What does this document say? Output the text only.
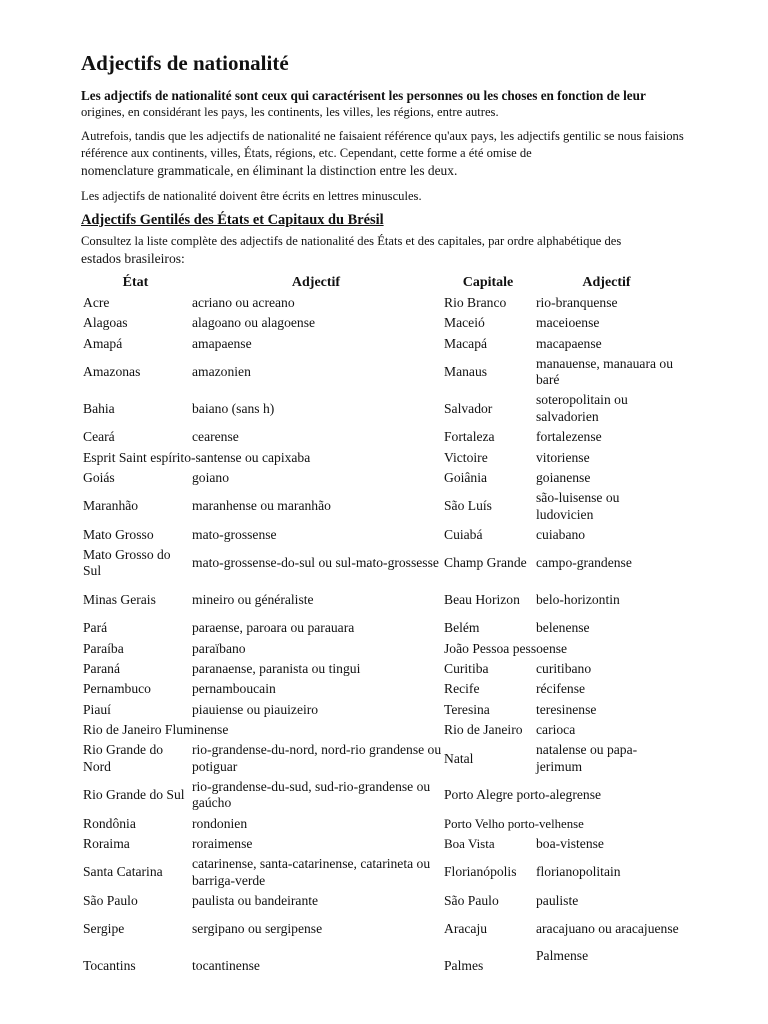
Adjectifs de nationalité
Les adjectifs de nationalité sont ceux qui caractérisent les personnes ou les choses en fonction de leur
origines, en considérant les pays, les continents, les villes, les régions, entre autres.
Autrefois, tandis que les adjectifs de nationalité ne faisaient référence qu'aux pays, les adjectifs gentilic se nous faisions référence aux continents, villes, États, régions, etc. Cependant, cette forme a été omise de
nomenclature grammaticale, en éliminant la distinction entre les deux.
Les adjectifs de nationalité doivent être écrits en lettres minuscules.
Adjectifs Gentilés des États et Capitaux du Brésil
Consultez la liste complète des adjectifs de nationalité des États et des capitales, par ordre alphabétique des
estados brasileiros:
État	Adjectif	Capitale	Adjectif
Acre	acriano ou acreano	Rio Branco	rio-branquense
Alagoas	alagoano ou alagoense	Maceió	maceioense
Amapá	amapaense	Macapá	macapaense
Amazonas	amazonien	Manaus	manauense, manauara ou baré
Bahia	baiano (sans h)	Salvador	soteropolitain ou salvadorien
Ceará	cearense	Fortaleza	fortalezense
Esprit Saint espírito-santense ou capixaba		Victoire	vitoriense
Goiás	goiano	Goiânia	goianense
Maranhão	maranhense ou maranhão	São Luís	são-luisense ou ludovicien
Mato Grosso	mato-grossense	Cuiabá	cuiabano
Mato Grosso do Sul	mato-grossense-do-sul ou sul-mato-grossesse	Champ Grande	campo-grandense
Minas Gerais	mineiro ou généraliste	Beau Horizon	belo-horizontin
Pará	paraense, paroara ou parauara	Belém	belenense
Paraíba	paraïbano	João Pessoa pessoense	
Paraná	paranaense, paranista ou tingui	Curitiba	curitibano
Pernambuco	pernamboucain	Recife	récifense
Piauí	piauiense ou piauizeiro	Teresina	teresinense
Rio de Janeiro Fluminense		Rio de Janeiro	carioca
Rio Grande do Nord	rio-grandense-du-nord, nord-rio grandense ou potiguar	Natal	natalense ou papa-jerimum
Rio Grande do Sul	rio-grandense-du-sud, sud-rio-grandense ou gaúcho	Porto Alegre porto-alegrense	
Rondônia	rondonien	Porto Velho porto-velhense	
Roraima	roraimense	Boa Vista	boa-vistense
Santa Catarina	catarinense, santa-catarinense, catarineta ou barriga-verde	Florianópolis	florianopolitain
São Paulo	paulista ou bandeirante	São Paulo	pauliste
Sergipe	sergipano ou sergipense	Aracaju	aracajuano ou aracajuense
Tocantins	tocantinense	Palmes	Palmense
